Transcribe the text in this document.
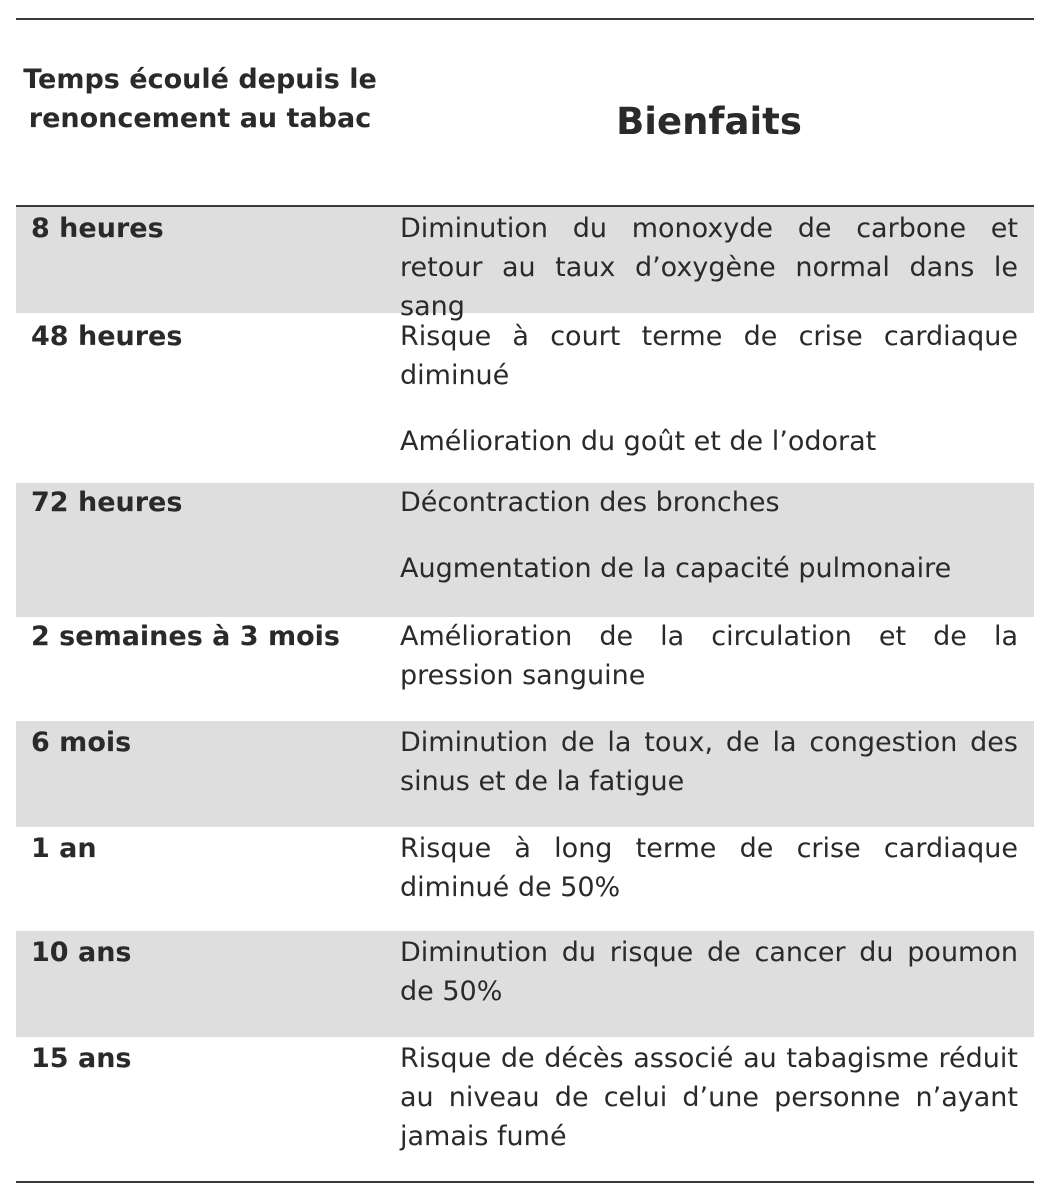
Temps écoulé depuis le renoncement au tabac	Bienfaits
8 heures	Diminution du monoxyde de carbone et retour au taux d’oxygène normal dans le sang

48 heures	Risque à court terme de crise cardiaque diminué

Amélioration du goût et de l’odorat

72 heures	Décontraction des bronches

Augmentation de la capacité pulmonaire

2 semaines à 3 mois	Amélioration de la circulation et de la pression sanguine

6 mois	Diminution de la toux, de la congestion des sinus et de la fatigue

1 an	Risque à long terme de crise cardiaque diminué de 50%

10 ans	Diminution du risque de cancer du poumon de 50%

15 ans	Risque de décès associé au tabagisme réduit au niveau de celui d’une personne n’ayant jamais fumé
